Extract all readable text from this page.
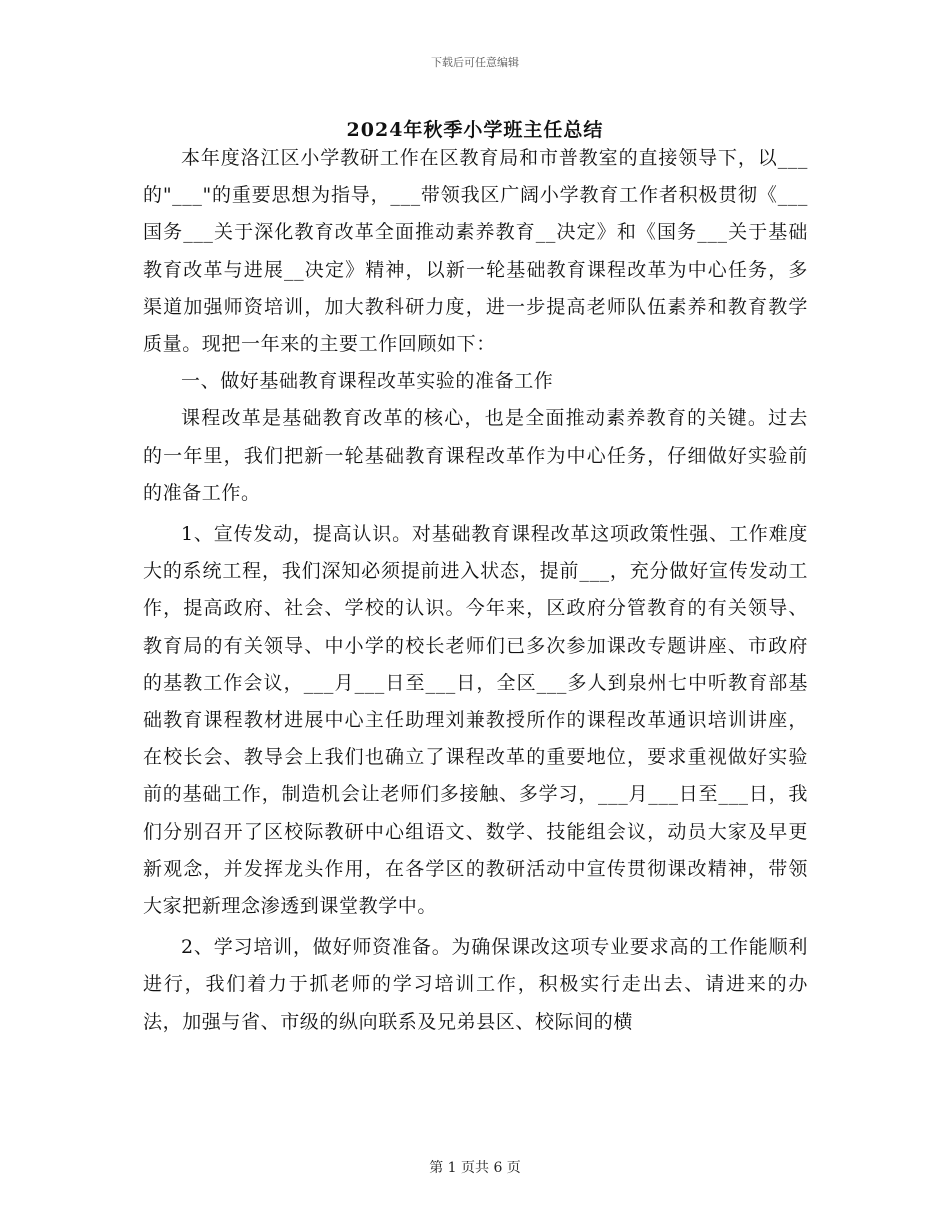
下载后可任意编辑
2024年秋季小学班主任总结

本年度洛江区小学教研工作在区教育局和市普教室的直接领导下，以___的"___"的重要思想为指导，___带领我区广阔小学教育工作者积极贯彻《___国务___关于深化教育改革全面推动素养教育__决定》和《国务___关于基础教育改革与进展__决定》精神，以新一轮基础教育课程改革为中心任务，多渠道加强师资培训，加大教科研力度，进一步提高老师队伍素养和教育教学质量。现把一年来的主要工作回顾如下：

一、做好基础教育课程改革实验的准备工作

课程改革是基础教育改革的核心，也是全面推动素养教育的关键。过去的一年里，我们把新一轮基础教育课程改革作为中心任务，仔细做好实验前的准备工作。

1、宣传发动，提高认识。对基础教育课程改革这项政策性强、工作难度大的系统工程，我们深知必须提前进入状态，提前___，充分做好宣传发动工作，提高政府、社会、学校的认识。今年来，区政府分管教育的有关领导、教育局的有关领导、中小学的校长老师们已多次参加课改专题讲座、市政府的基教工作会议，___月___日至___日，全区___多人到泉州七中听教育部基础教育课程教材进展中心主任助理刘兼教授所作的课程改革通识培训讲座，在校长会、教导会上我们也确立了课程改革的重要地位，要求重视做好实验前的基础工作，制造机会让老师们多接触、多学习，___月___日至___日，我们分别召开了区校际教研中心组语文、数学、技能组会议，动员大家及早更新观念，并发挥龙头作用，在各学区的教研活动中宣传贯彻课改精神，带领大家把新理念渗透到课堂教学中。

2、学习培训，做好师资准备。为确保课改这项专业要求高的工作能顺利进行，我们着力于抓老师的学习培训工作，积极实行走出去、请进来的办法，加强与省、市级的纵向联系及兄弟县区、校际间的横

第 1 页共 6 页
